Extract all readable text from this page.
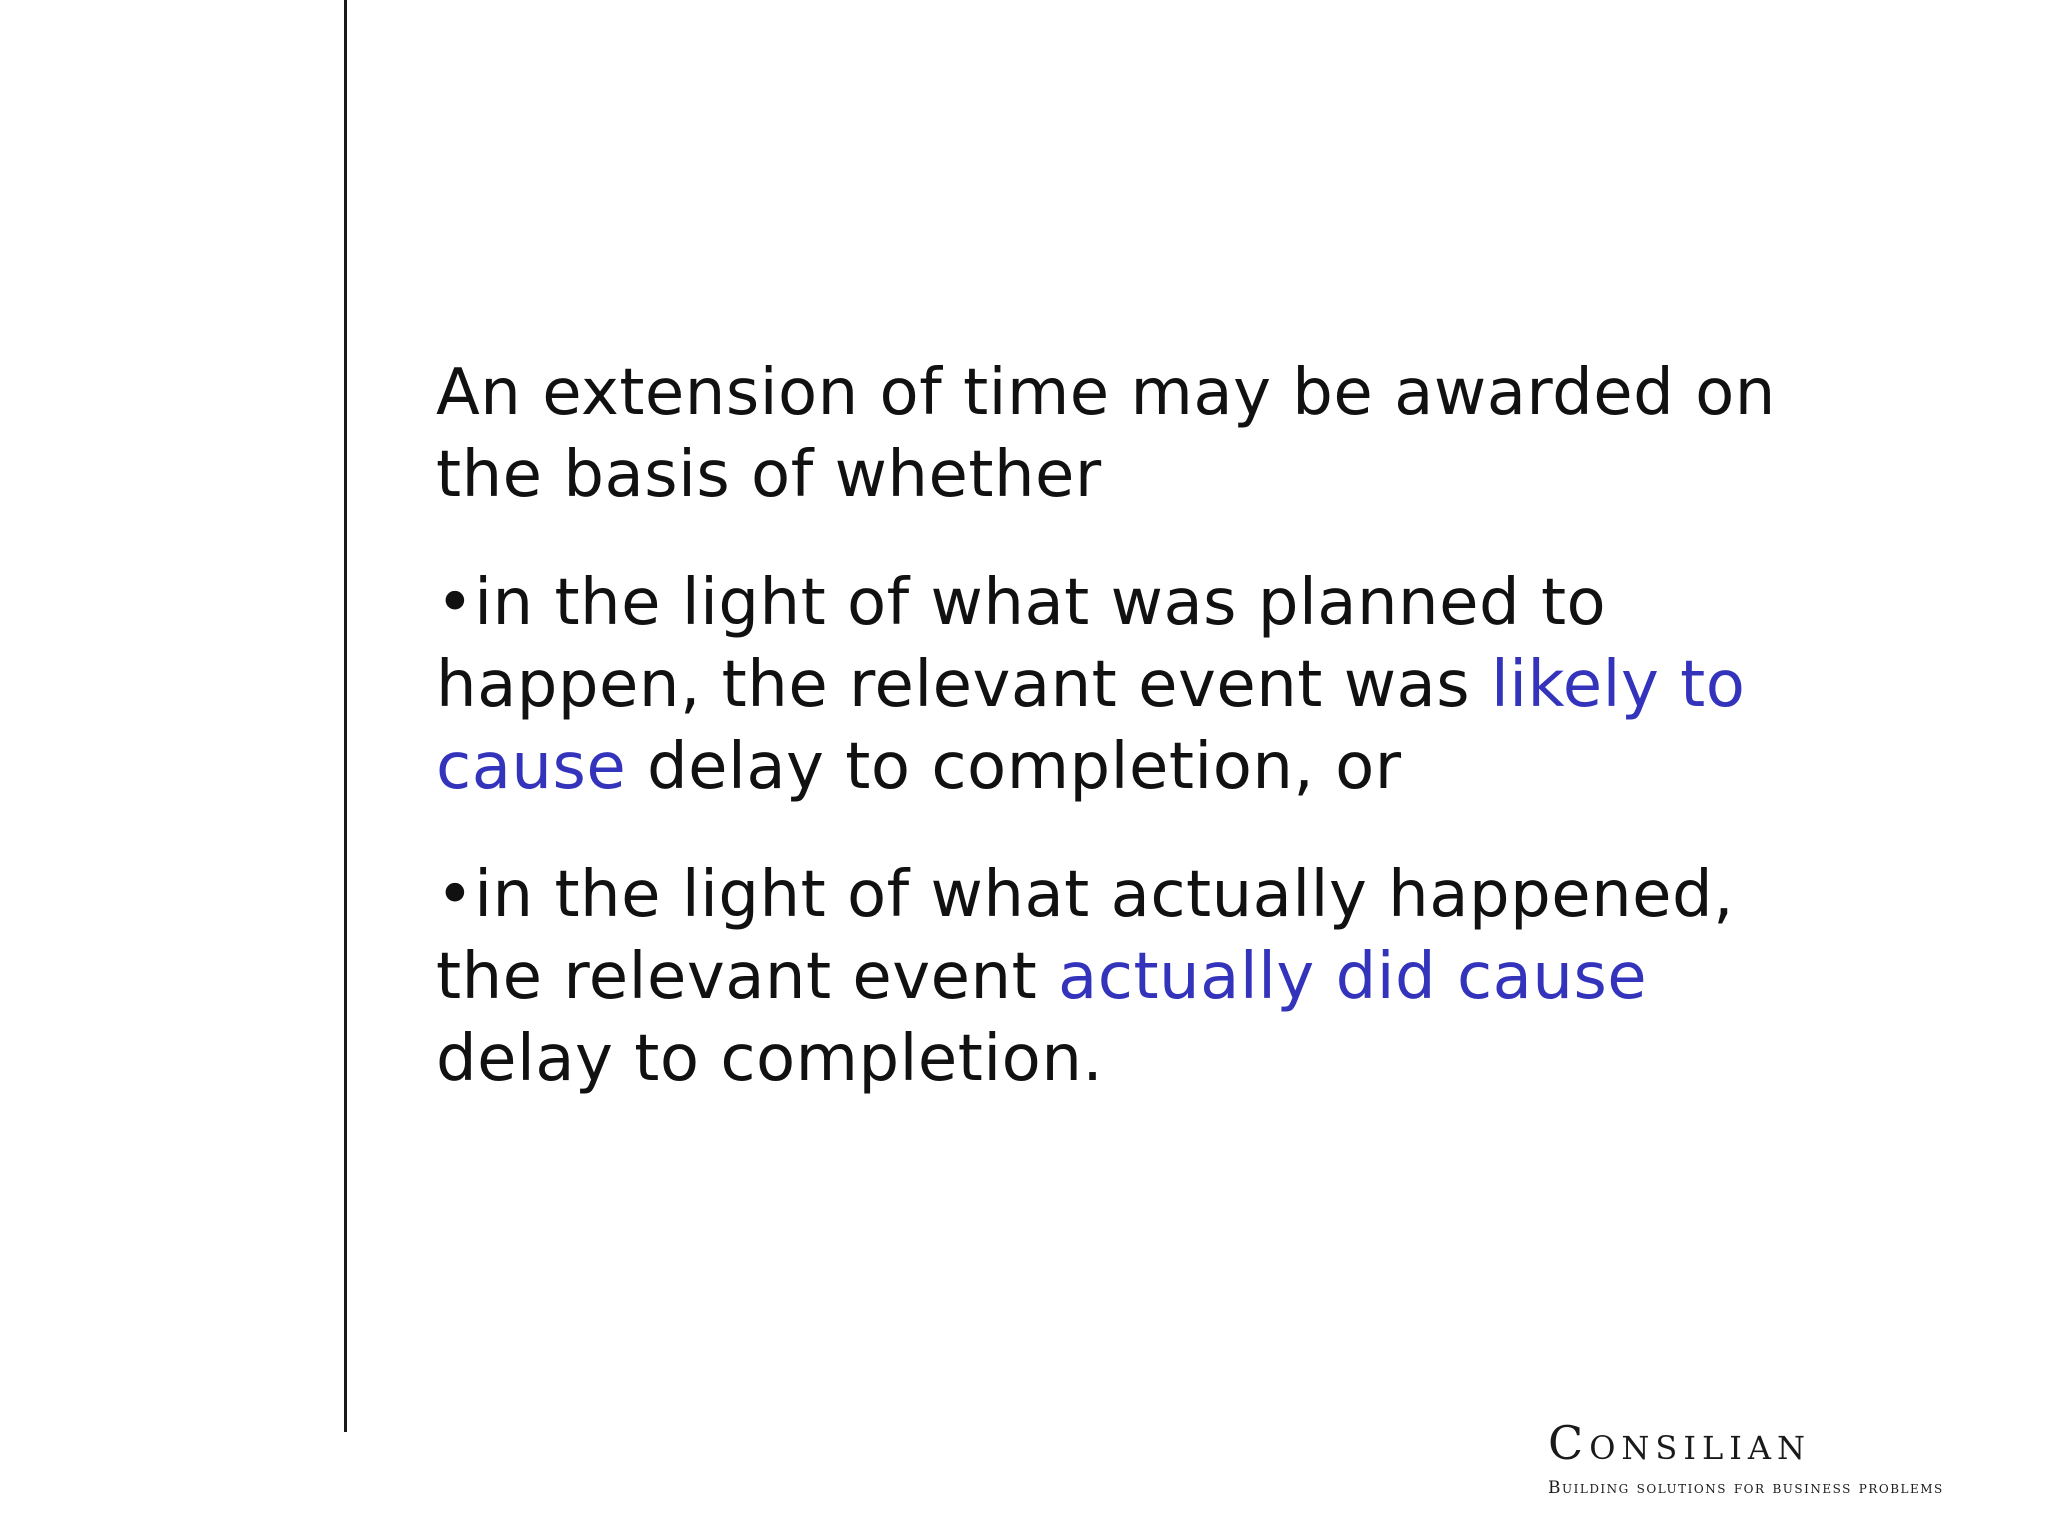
An extension of time may be awarded on the basis of whether

•in the light of what was planned to happen, the relevant event was likely to cause delay to completion, or

•in the light of what actually happened, the relevant event actually did cause delay to completion.

Consilian
Building solutions for business problems
